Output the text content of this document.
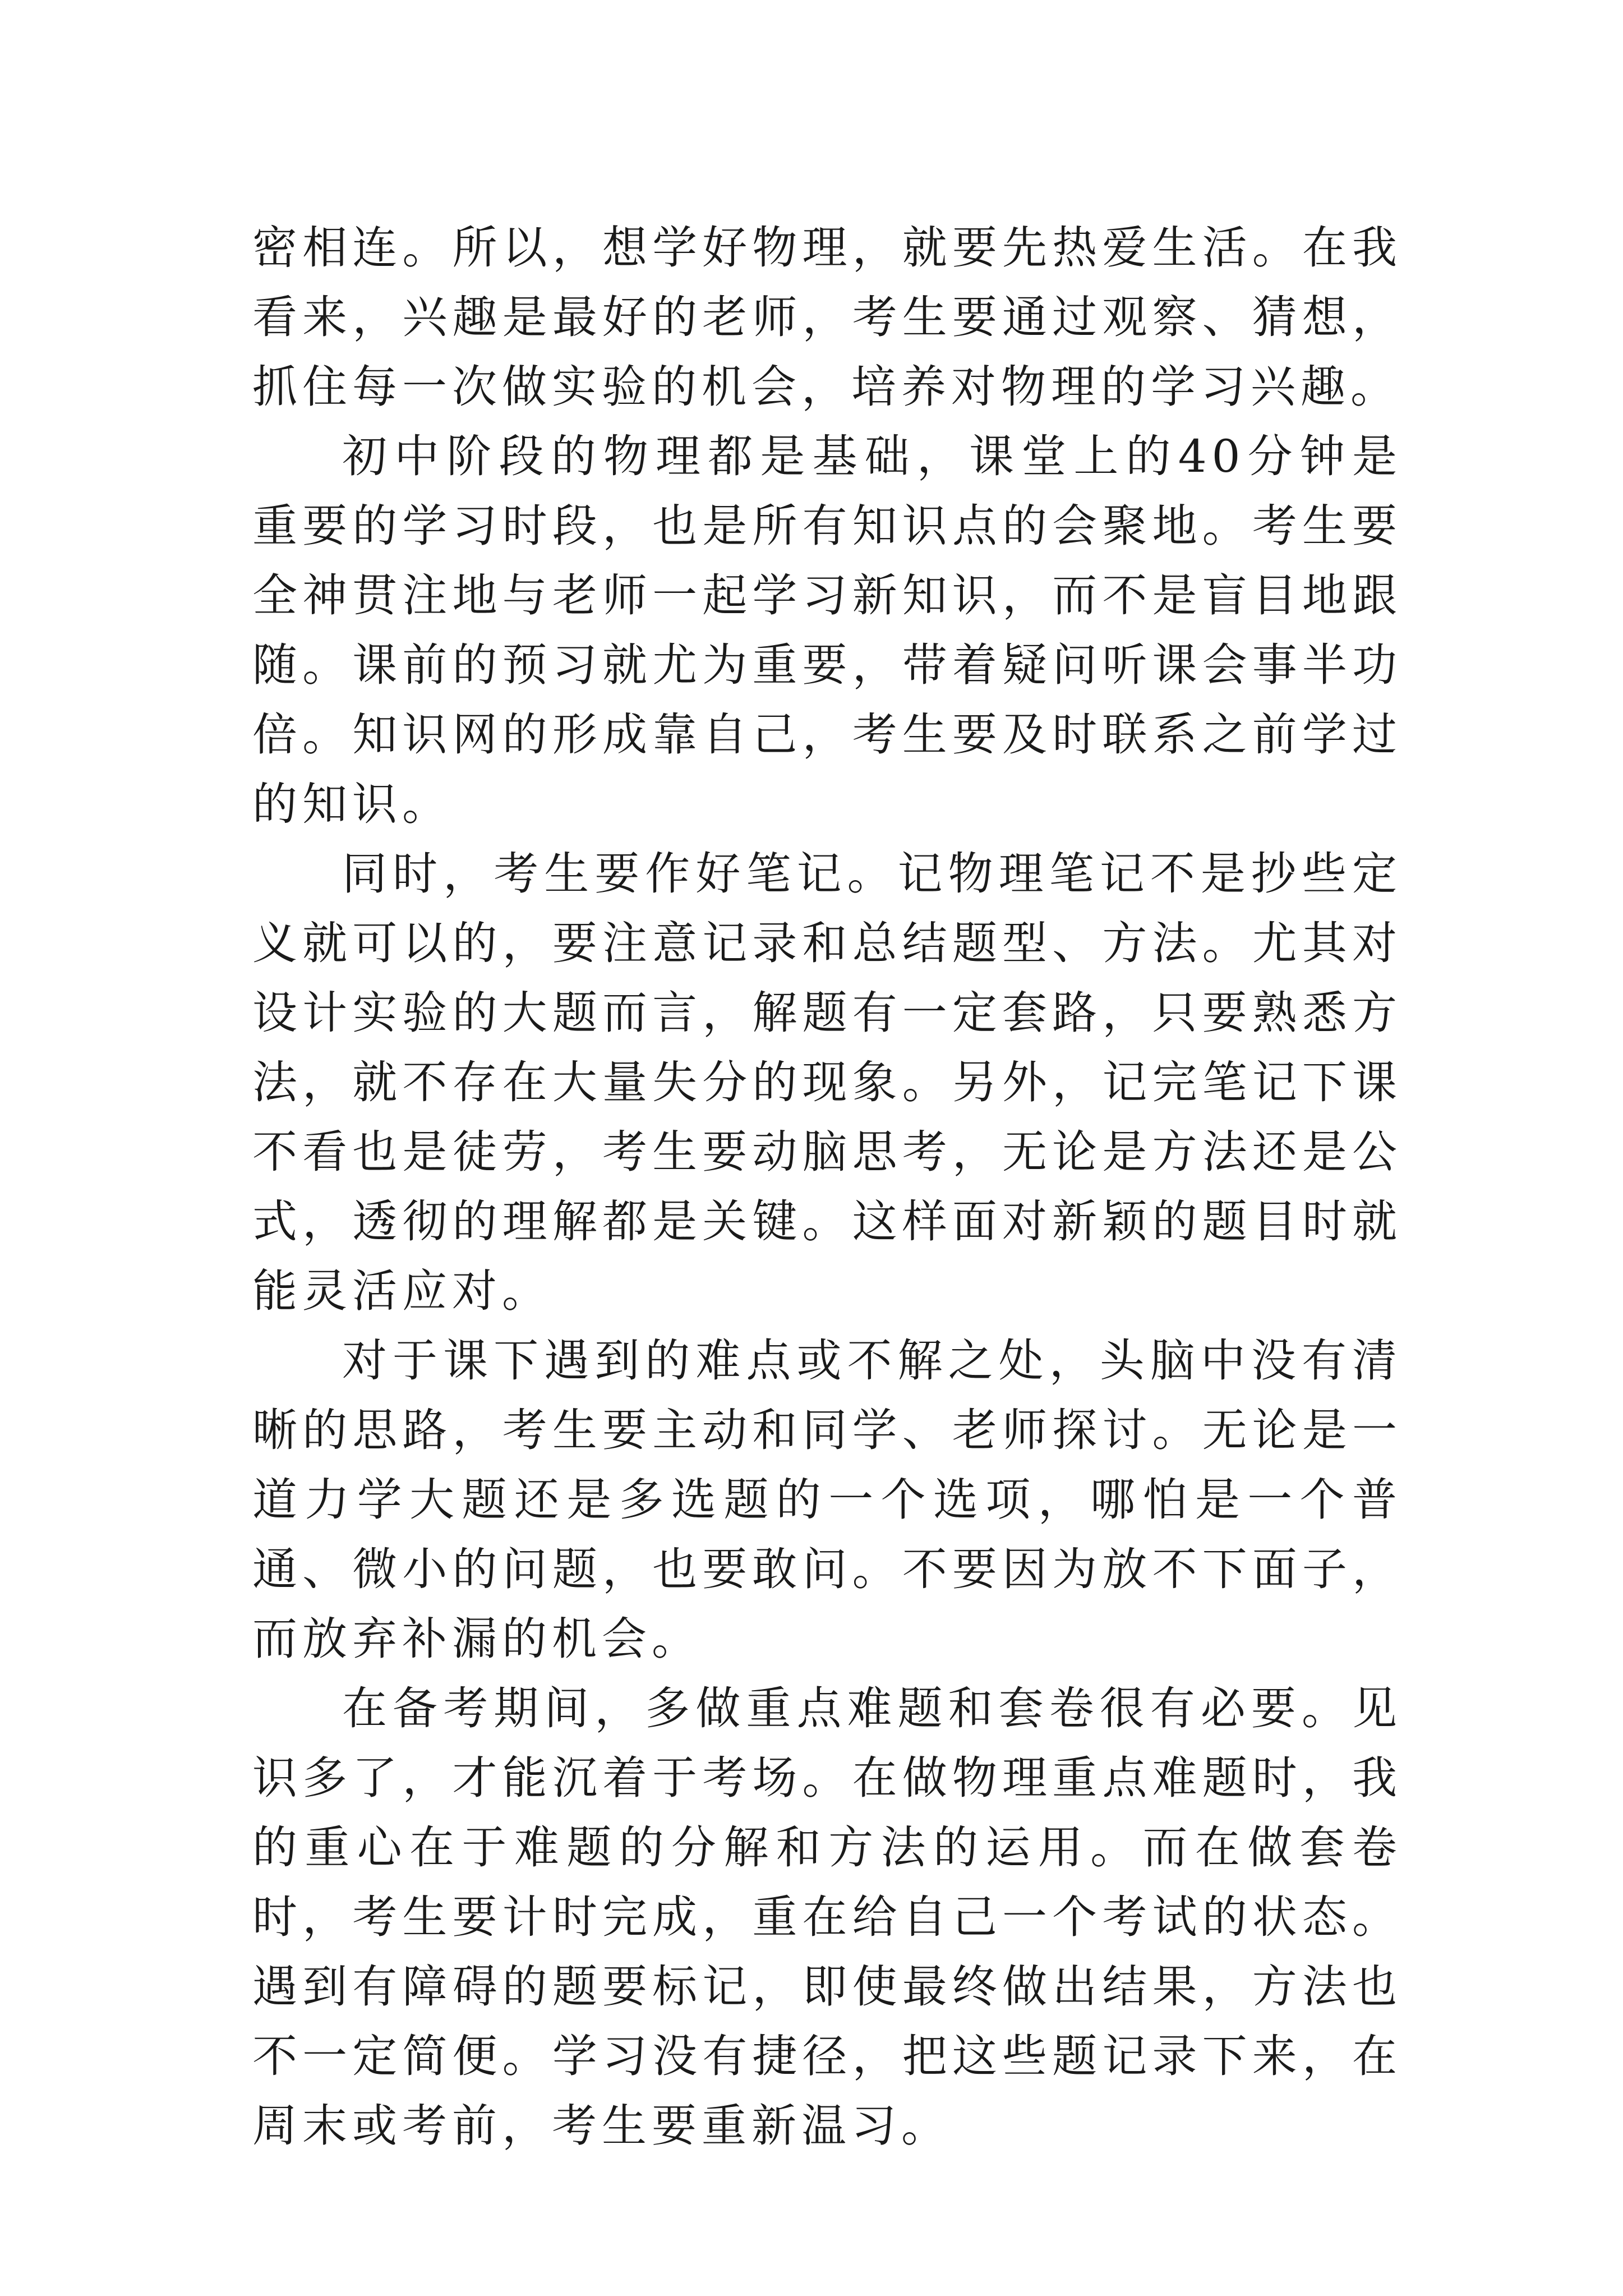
密相连。所以，想学好物理，就要先热爱生活。在我看来，兴趣是最好的老师，考生要通过观察、猜想，抓住每一次做实验的机会，培养对物理的学习兴趣。

初中阶段的物理都是基础，课堂上的40分钟是重要的学习时段，也是所有知识点的会聚地。考生要全神贯注地与老师一起学习新知识，而不是盲目地跟随。课前的预习就尤为重要，带着疑问听课会事半功倍。知识网的形成靠自己，考生要及时联系之前学过的知识。

同时，考生要作好笔记。记物理笔记不是抄些定义就可以的，要注意记录和总结题型、方法。尤其对设计实验的大题而言，解题有一定套路，只要熟悉方法，就不存在大量失分的现象。另外，记完笔记下课不看也是徒劳，考生要动脑思考，无论是方法还是公式，透彻的理解都是关键。这样面对新颖的题目时就能灵活应对。

对于课下遇到的难点或不解之处，头脑中没有清晰的思路，考生要主动和同学、老师探讨。无论是一道力学大题还是多选题的一个选项，哪怕是一个普通、微小的问题，也要敢问。不要因为放不下面子，而放弃补漏的机会。

在备考期间，多做重点难题和套卷很有必要。见识多了，才能沉着于考场。在做物理重点难题时，我的重心在于难题的分解和方法的运用。而在做套卷时，考生要计时完成，重在给自己一个考试的状态。遇到有障碍的题要标记，即使最终做出结果，方法也不一定简便。学习没有捷径，把这些题记录下来，在周末或考前，考生要重新温习。
